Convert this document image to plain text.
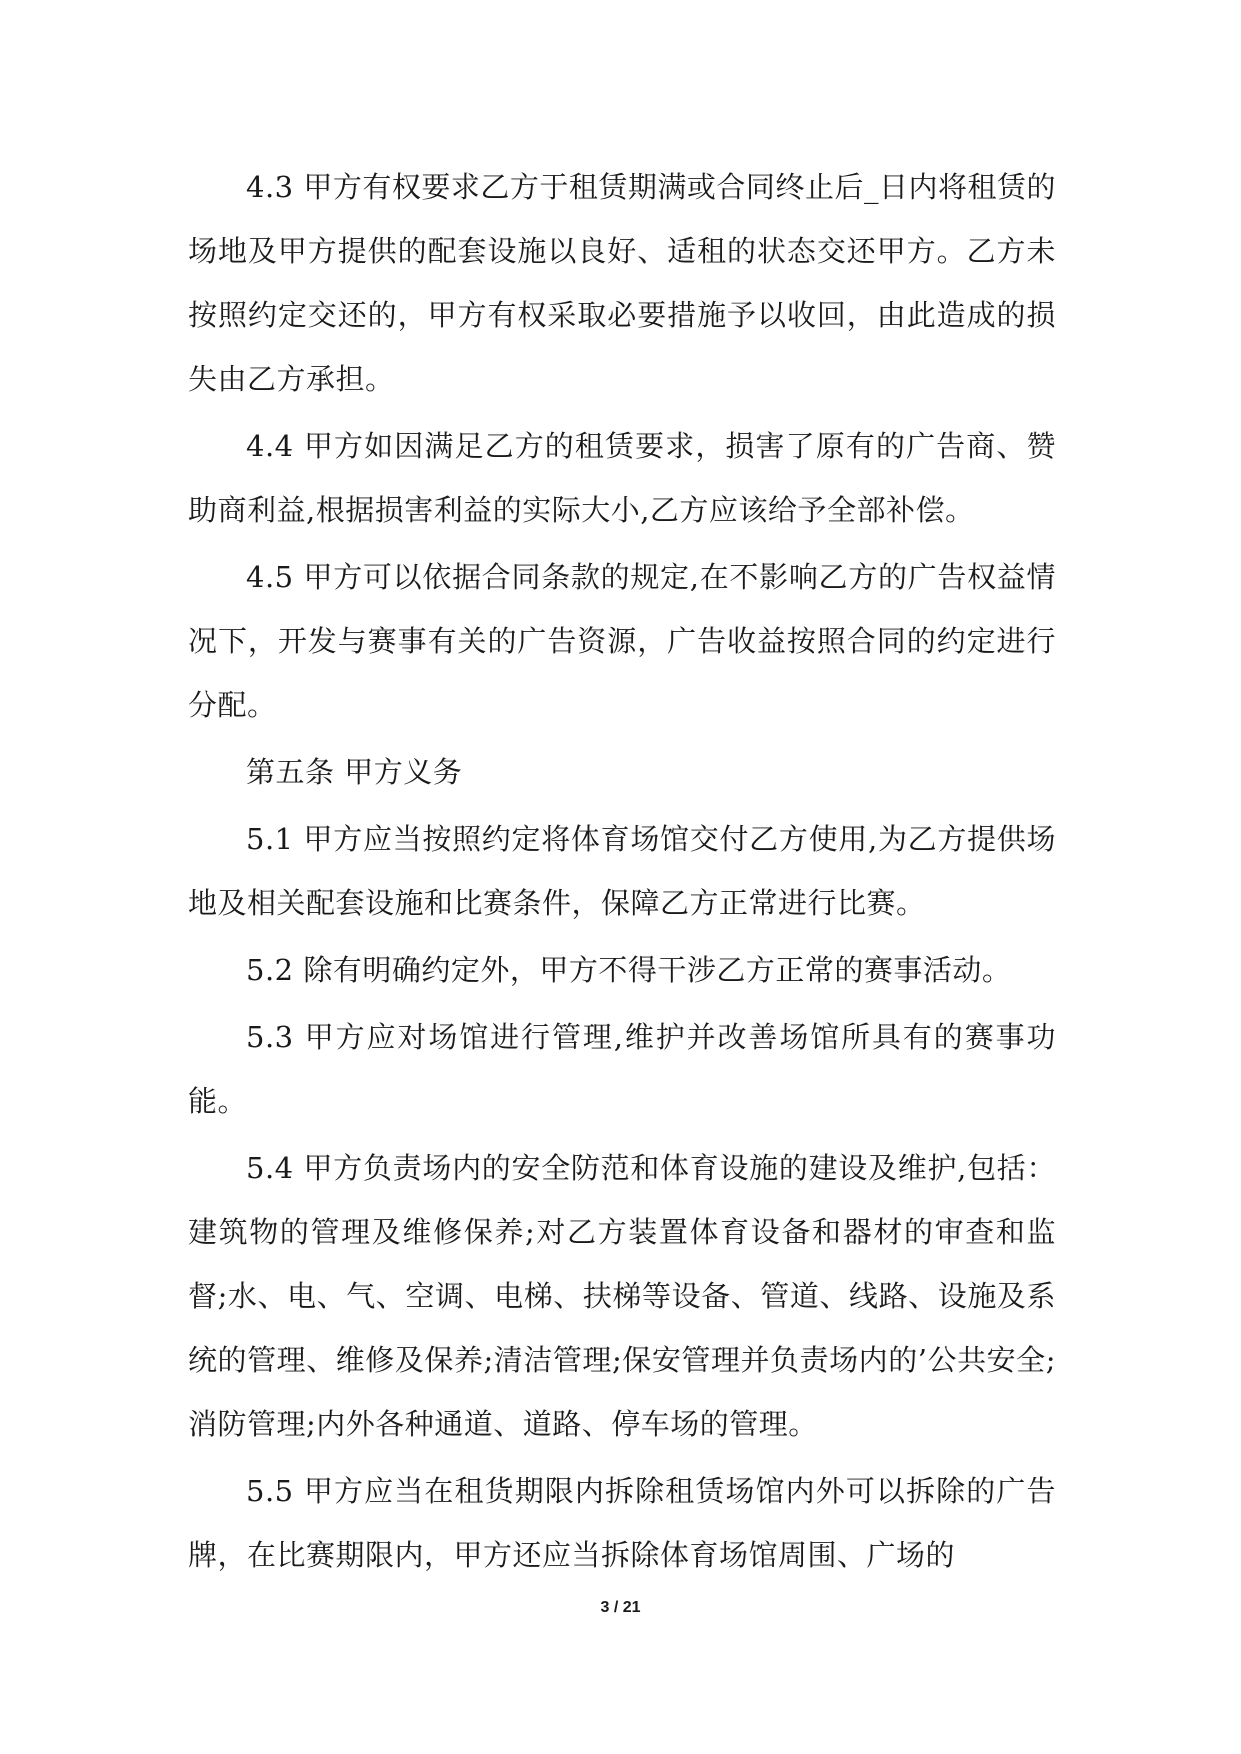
4.3 甲方有权要求乙方于租赁期满或合同终止后_日内将租赁的场地及甲方提供的配套设施以良好、适租的状态交还甲方。乙方未按照约定交还的，甲方有权采取必要措施予以收回，由此造成的损失由乙方承担。

4.4 甲方如因满足乙方的租赁要求，损害了原有的广告商、赞助商利益,根据损害利益的实际大小,乙方应该给予全部补偿。

4.5 甲方可以依据合同条款的规定,在不影响乙方的广告权益情况下，开发与赛事有关的广告资源，广告收益按照合同的约定进行分配。

第五条 甲方义务

5.1 甲方应当按照约定将体育场馆交付乙方使用,为乙方提供场地及相关配套设施和比赛条件，保障乙方正常进行比赛。

5.2 除有明确约定外，甲方不得干涉乙方正常的赛事活动。

5.3 甲方应对场馆进行管理,维护并改善场馆所具有的赛事功能。

5.4 甲方负责场内的安全防范和体育设施的建设及维护,包括：建筑物的管理及维修保养;对乙方装置体育设备和器材的审查和监督;水、电、气、空调、电梯、扶梯等设备、管道、线路、设施及系统的管理、维修及保养;清洁管理;保安管理并负责场内的’公共安全;消防管理;内外各种通道、道路、停车场的管理。

5.5 甲方应当在租货期限内拆除租赁场馆内外可以拆除的广告牌，在比赛期限内，甲方还应当拆除体育场馆周围、广场的

3 / 21
